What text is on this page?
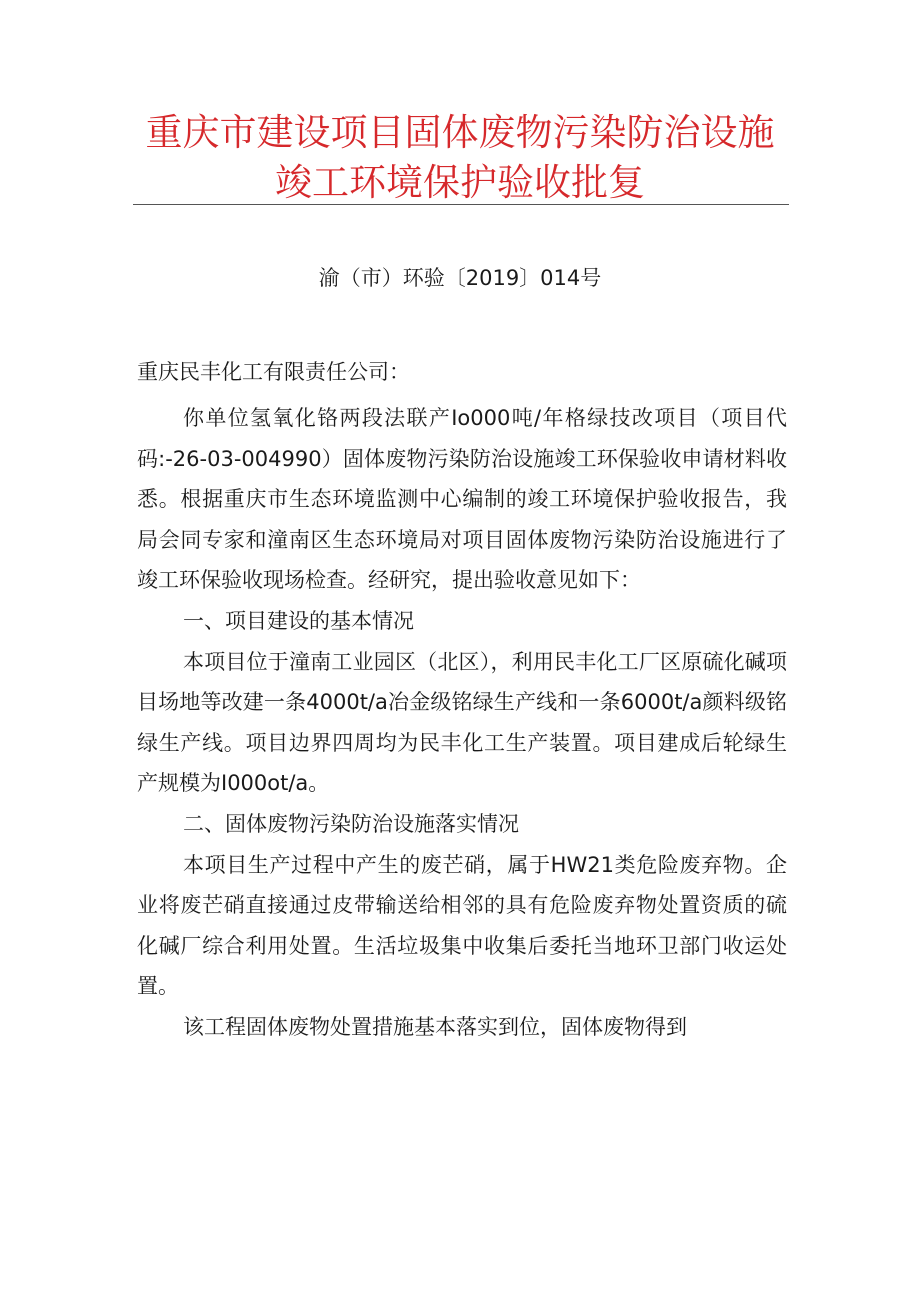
重庆市建设项目固体废物污染防治设施
竣工环境保护验收批复
渝（市）环验〔2019〕014号
重庆民丰化工有限责任公司：

你单位氢氧化铬两段法联产Io000吨/年格绿技改项目（项目代码:-26-03-004990）固体废物污染防治设施竣工环保验收申请材料收悉。根据重庆市生态环境监测中心编制的竣工环境保护验收报告，我局会同专家和潼南区生态环境局对项目固体废物污染防治设施进行了竣工环保验收现场检查。经研究，提出验收意见如下：

一、项目建设的基本情况

本项目位于潼南工业园区（北区），利用民丰化工厂区原硫化碱项目场地等改建一条4000t/a冶金级铭绿生产线和一条6000t/a颜料级铭绿生产线。项目边界四周均为民丰化工生产装置。项目建成后轮绿生产规模为I000ot/a。

二、固体废物污染防治设施落实情况

本项目生产过程中产生的废芒硝，属于HW21类危险废弃物。企业将废芒硝直接通过皮带输送给相邻的具有危险废弃物处置资质的硫化碱厂综合利用处置。生活垃圾集中收集后委托当地环卫部门收运处置。

该工程固体废物处置措施基本落实到位，固体废物得到
